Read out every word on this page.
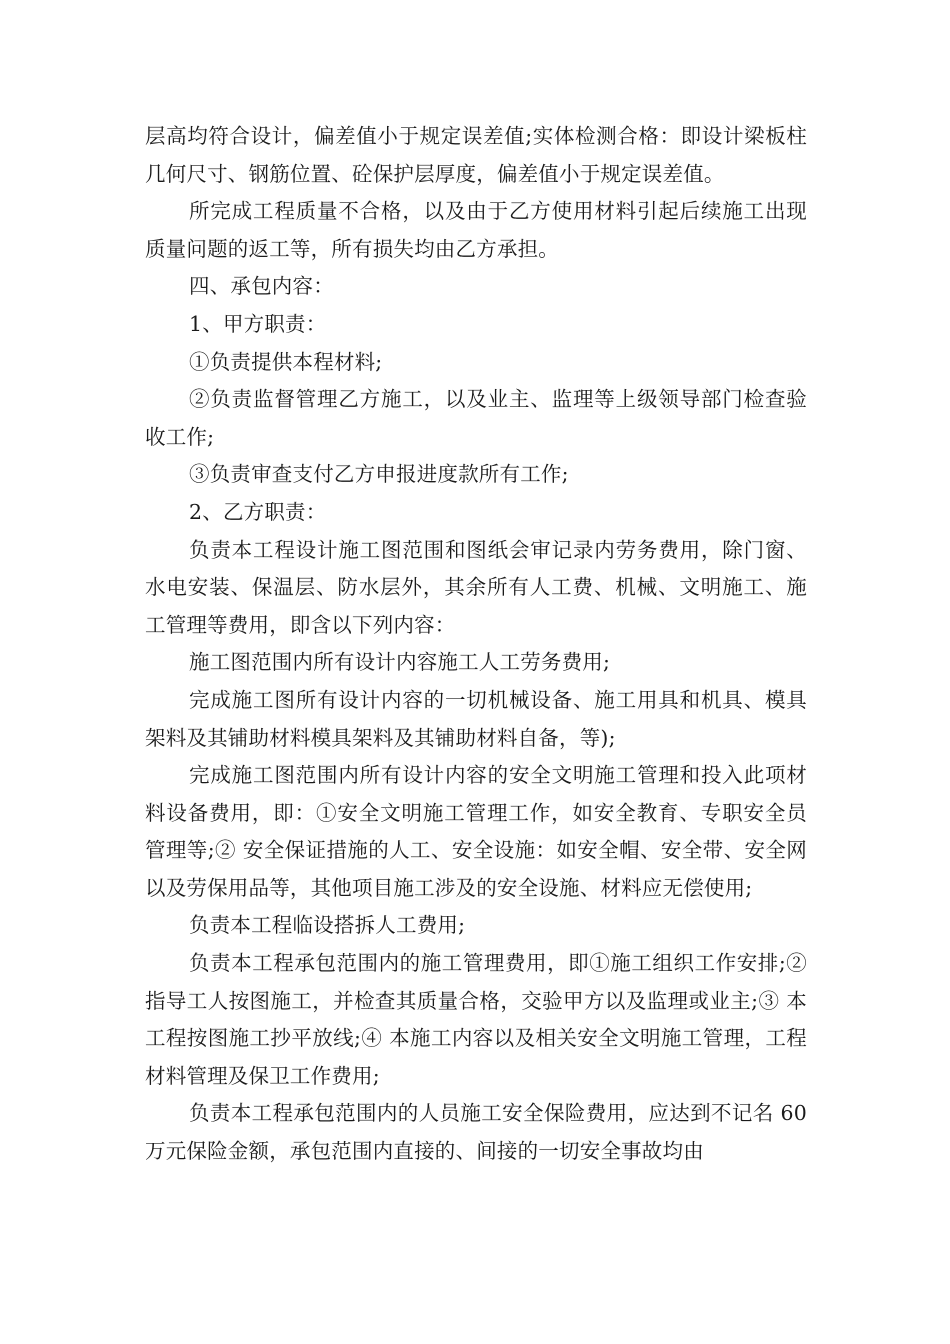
层高均符合设计，偏差值小于规定误差值;实体检测合格：即设计梁板柱几何尺寸、钢筋位置、砼保护层厚度，偏差值小于规定误差值。

所完成工程质量不合格，以及由于乙方使用材料引起后续施工出现质量问题的返工等，所有损失均由乙方承担。

四、承包内容：

1、甲方职责：

①负责提供本程材料;

②负责监督管理乙方施工，以及业主、监理等上级领导部门检查验收工作;

③负责审查支付乙方申报进度款所有工作;

2、乙方职责：

负责本工程设计施工图范围和图纸会审记录内劳务费用，除门窗、水电安装、保温层、防水层外，其余所有人工费、机械、文明施工、施工管理等费用，即含以下列内容：

施工图范围内所有设计内容施工人工劳务费用;

完成施工图所有设计内容的一切机械设备、施工用具和机具、模具架料及其铺助材料模具架料及其铺助材料自备，等);

完成施工图范围内所有设计内容的安全文明施工管理和投入此项材料设备费用，即：①安全文明施工管理工作，如安全教育、专职安全员管理等;② 安全保证措施的人工、安全设施：如安全帽、安全带、安全网以及劳保用品等，其他项目施工涉及的安全设施、材料应无偿使用;

负责本工程临设搭拆人工费用;

负责本工程承包范围内的施工管理费用，即①施工组织工作安排;② 指导工人按图施工，并检查其质量合格，交验甲方以及监理或业主;③ 本工程按图施工抄平放线;④ 本施工内容以及相关安全文明施工管理，工程材料管理及保卫工作费用;

负责本工程承包范围内的人员施工安全保险费用，应达到不记名 60 万元保险金额，承包范围内直接的、间接的一切安全事故均由
